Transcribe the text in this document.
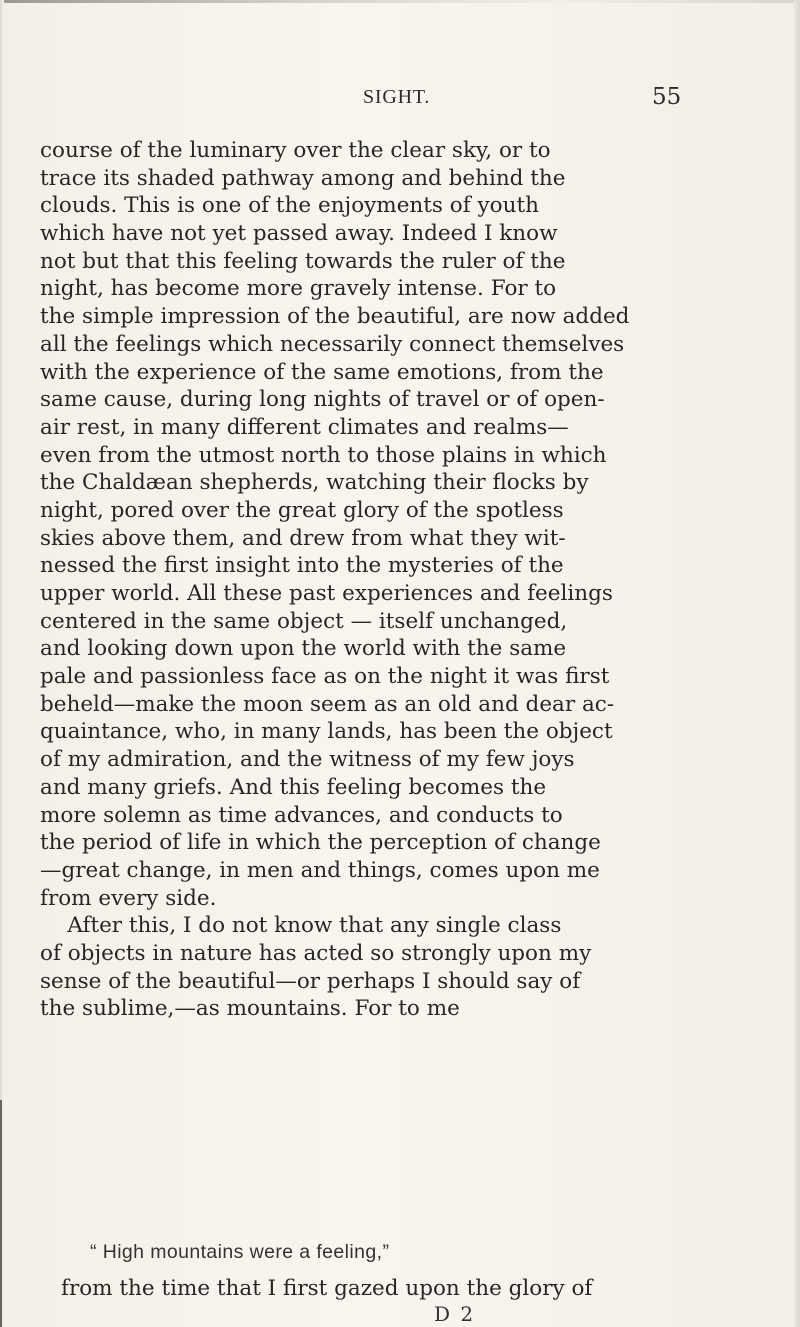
SIGHT.	55
course of the luminary over the clear sky, or to
trace its shaded pathway among and behind the
clouds. This is one of the enjoyments of youth
which have not yet passed away. Indeed I know
not but that this feeling towards the ruler of the
night, has become more gravely intense. For to
the simple impression of the beautiful, are now added
all the feelings which necessarily connect themselves
with the experience of the same emotions, from the
same cause, during long nights of travel or of open-
air rest, in many different climates and realms—
even from the utmost north to those plains in which
the Chaldæan shepherds, watching their flocks by
night, pored over the great glory of the spotless
skies above them, and drew from what they wit-
nessed the first insight into the mysteries of the
upper world. All these past experiences and feelings
centered in the same object — itself unchanged,
and looking down upon the world with the same
pale and passionless face as on the night it was first
beheld—make the moon seem as an old and dear ac-
quaintance, who, in many lands, has been the object
of my admiration, and the witness of my few joys
and many griefs. And this feeling becomes the
more solemn as time advances, and conducts to
the period of life in which the perception of change
—great change, in men and things, comes upon me
from every side.
After this, I do not know that any single class
of objects in nature has acted so strongly upon my
sense of the beautiful—or perhaps I should say of
the sublime,—as mountains. For to me
“ High mountains were a feeling,”
from the time that I first gazed upon the glory of
D 2
